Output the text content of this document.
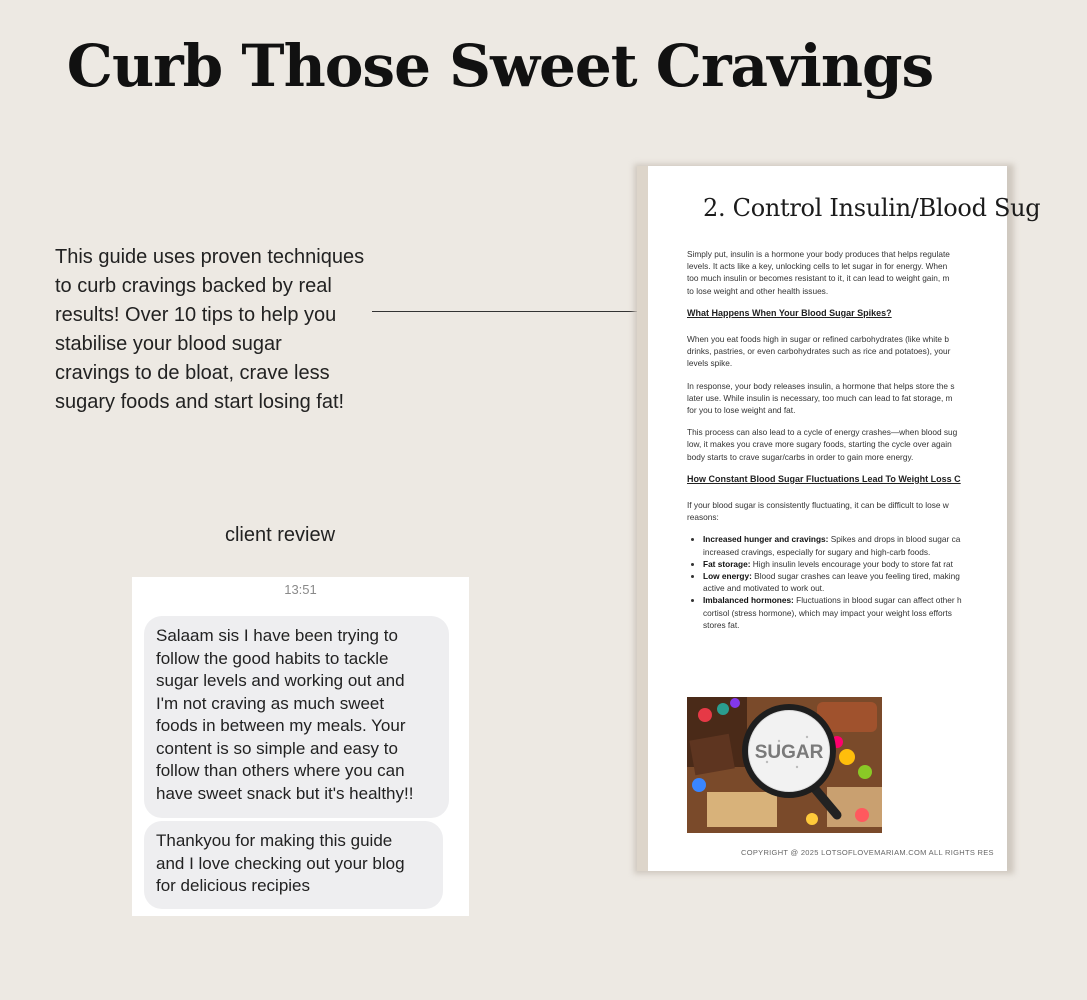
Curb Those Sweet Cravings
This guide uses proven techniques
to curb cravings backed by real
results! Over 10 tips to help you
stabilise your blood sugar
cravings to de bloat, crave less
sugary foods and start losing fat!
client review
13:51
Salaam sis I have been trying to
follow the good habits to tackle
sugar levels and working out and
I'm not craving as much sweet
foods in between my meals. Your
content is so simple and easy to
follow than others where you can
have sweet snack but it's healthy!!
Thankyou for making this guide
and I love checking out your blog
for delicious recipies
2. Control Insulin/Blood Sug

Simply put, insulin is a hormone your body produces that helps regulate
levels. It acts like a key, unlocking cells to let sugar in for energy. When
too much insulin or becomes resistant to it, it can lead to weight gain, m
to lose weight and other health issues.

What Happens When Your Blood Sugar Spikes?

When you eat foods high in sugar or refined carbohydrates (like white b
drinks, pastries, or even carbohydrates such as rice and potatoes), your
levels spike.

In response, your body releases insulin, a hormone that helps store the s
later use. While insulin is necessary, too much can lead to fat storage, m
for you to lose weight and fat.

This process can also lead to a cycle of energy crashes—when blood sug
low, it makes you crave more sugary foods, starting the cycle over again
body starts to crave sugar/carbs in order to gain more energy.

How Constant Blood Sugar Fluctuations Lead To Weight Loss C

If your blood sugar is consistently fluctuating, it can be difficult to lose w
reasons:

• Increased hunger and cravings: Spikes and drops in blood sugar ca
increased cravings, especially for sugary and high-carb foods.
• Fat storage: High insulin levels encourage your body to store fat rat
• Low energy: Blood sugar crashes can leave you feeling tired, making
active and motivated to work out.
• Imbalanced hormones: Fluctuations in blood sugar can affect other h
cortisol (stress hormone), which may impact your weight loss efforts
stores fat.
SUGAR
COPYRIGHT @ 2025 LOTSOFLOVEMARIAM.COM ALL RIGHTS RES
